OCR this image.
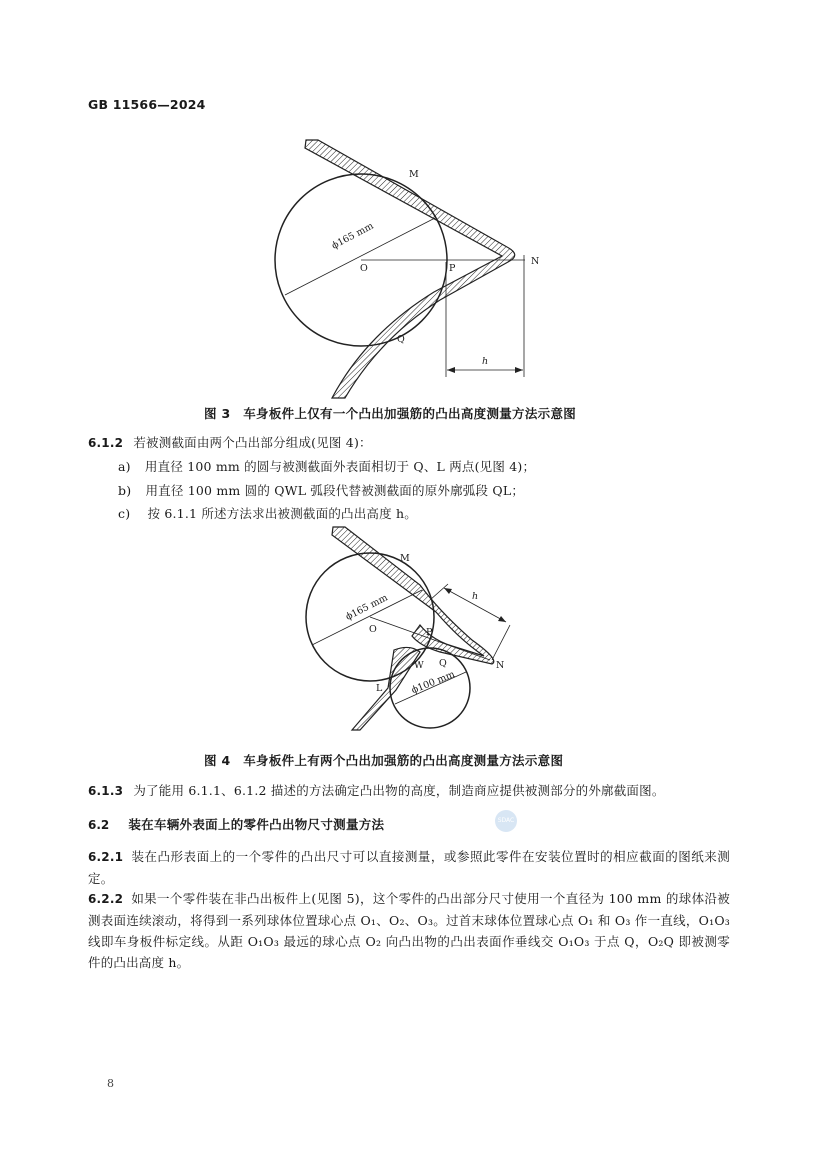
GB 11566—2024
M
N
O	P
Q
h
ϕ165 mm
图 3　车身板件上仅有一个凸出加强筋的凸出高度测量方法示意图
6.1.2 若被测截面由两个凸出部分组成(见图 4)：
a) 用直径 100 mm 的圆与被测截面外表面相切于 Q、L 两点(见图 4)；
b) 用直径 100 mm 圆的 QWL 弧段代替被测截面的原外廓弧段 QL；
c) 按 6.1.1 所述方法求出被测截面的凸出高度 h。
M
N
O	P
Q
W
L
h
ϕ165 mm
ϕ100 mm
图 4　车身板件上有两个凸出加强筋的凸出高度测量方法示意图
6.1.3 为了能用 6.1.1、6.1.2 描述的方法确定凸出物的高度，制造商应提供被测部分的外廓截面图。
6.2 装在车辆外表面上的零件凸出物尺寸测量方法	SDAC
6.2.1 装在凸形表面上的一个零件的凸出尺寸可以直接测量，或参照此零件在安装位置时的相应截面的图纸来测定。
6.2.2 如果一个零件装在非凸出板件上(见图 5)，这个零件的凸出部分尺寸使用一个直径为 100 mm 的球体沿被测表面连续滚动，将得到一系列球体位置球心点 O₁、O₂、O₃。过首末球体位置球心点 O₁ 和 O₃ 作一直线，O₁O₃ 线即车身板件标定线。从距 O₁O₃ 最远的球心点 O₂ 向凸出物的凸出表面作垂线交 O₁O₃ 于点 Q，O₂Q 即被测零件的凸出高度 h。
8
